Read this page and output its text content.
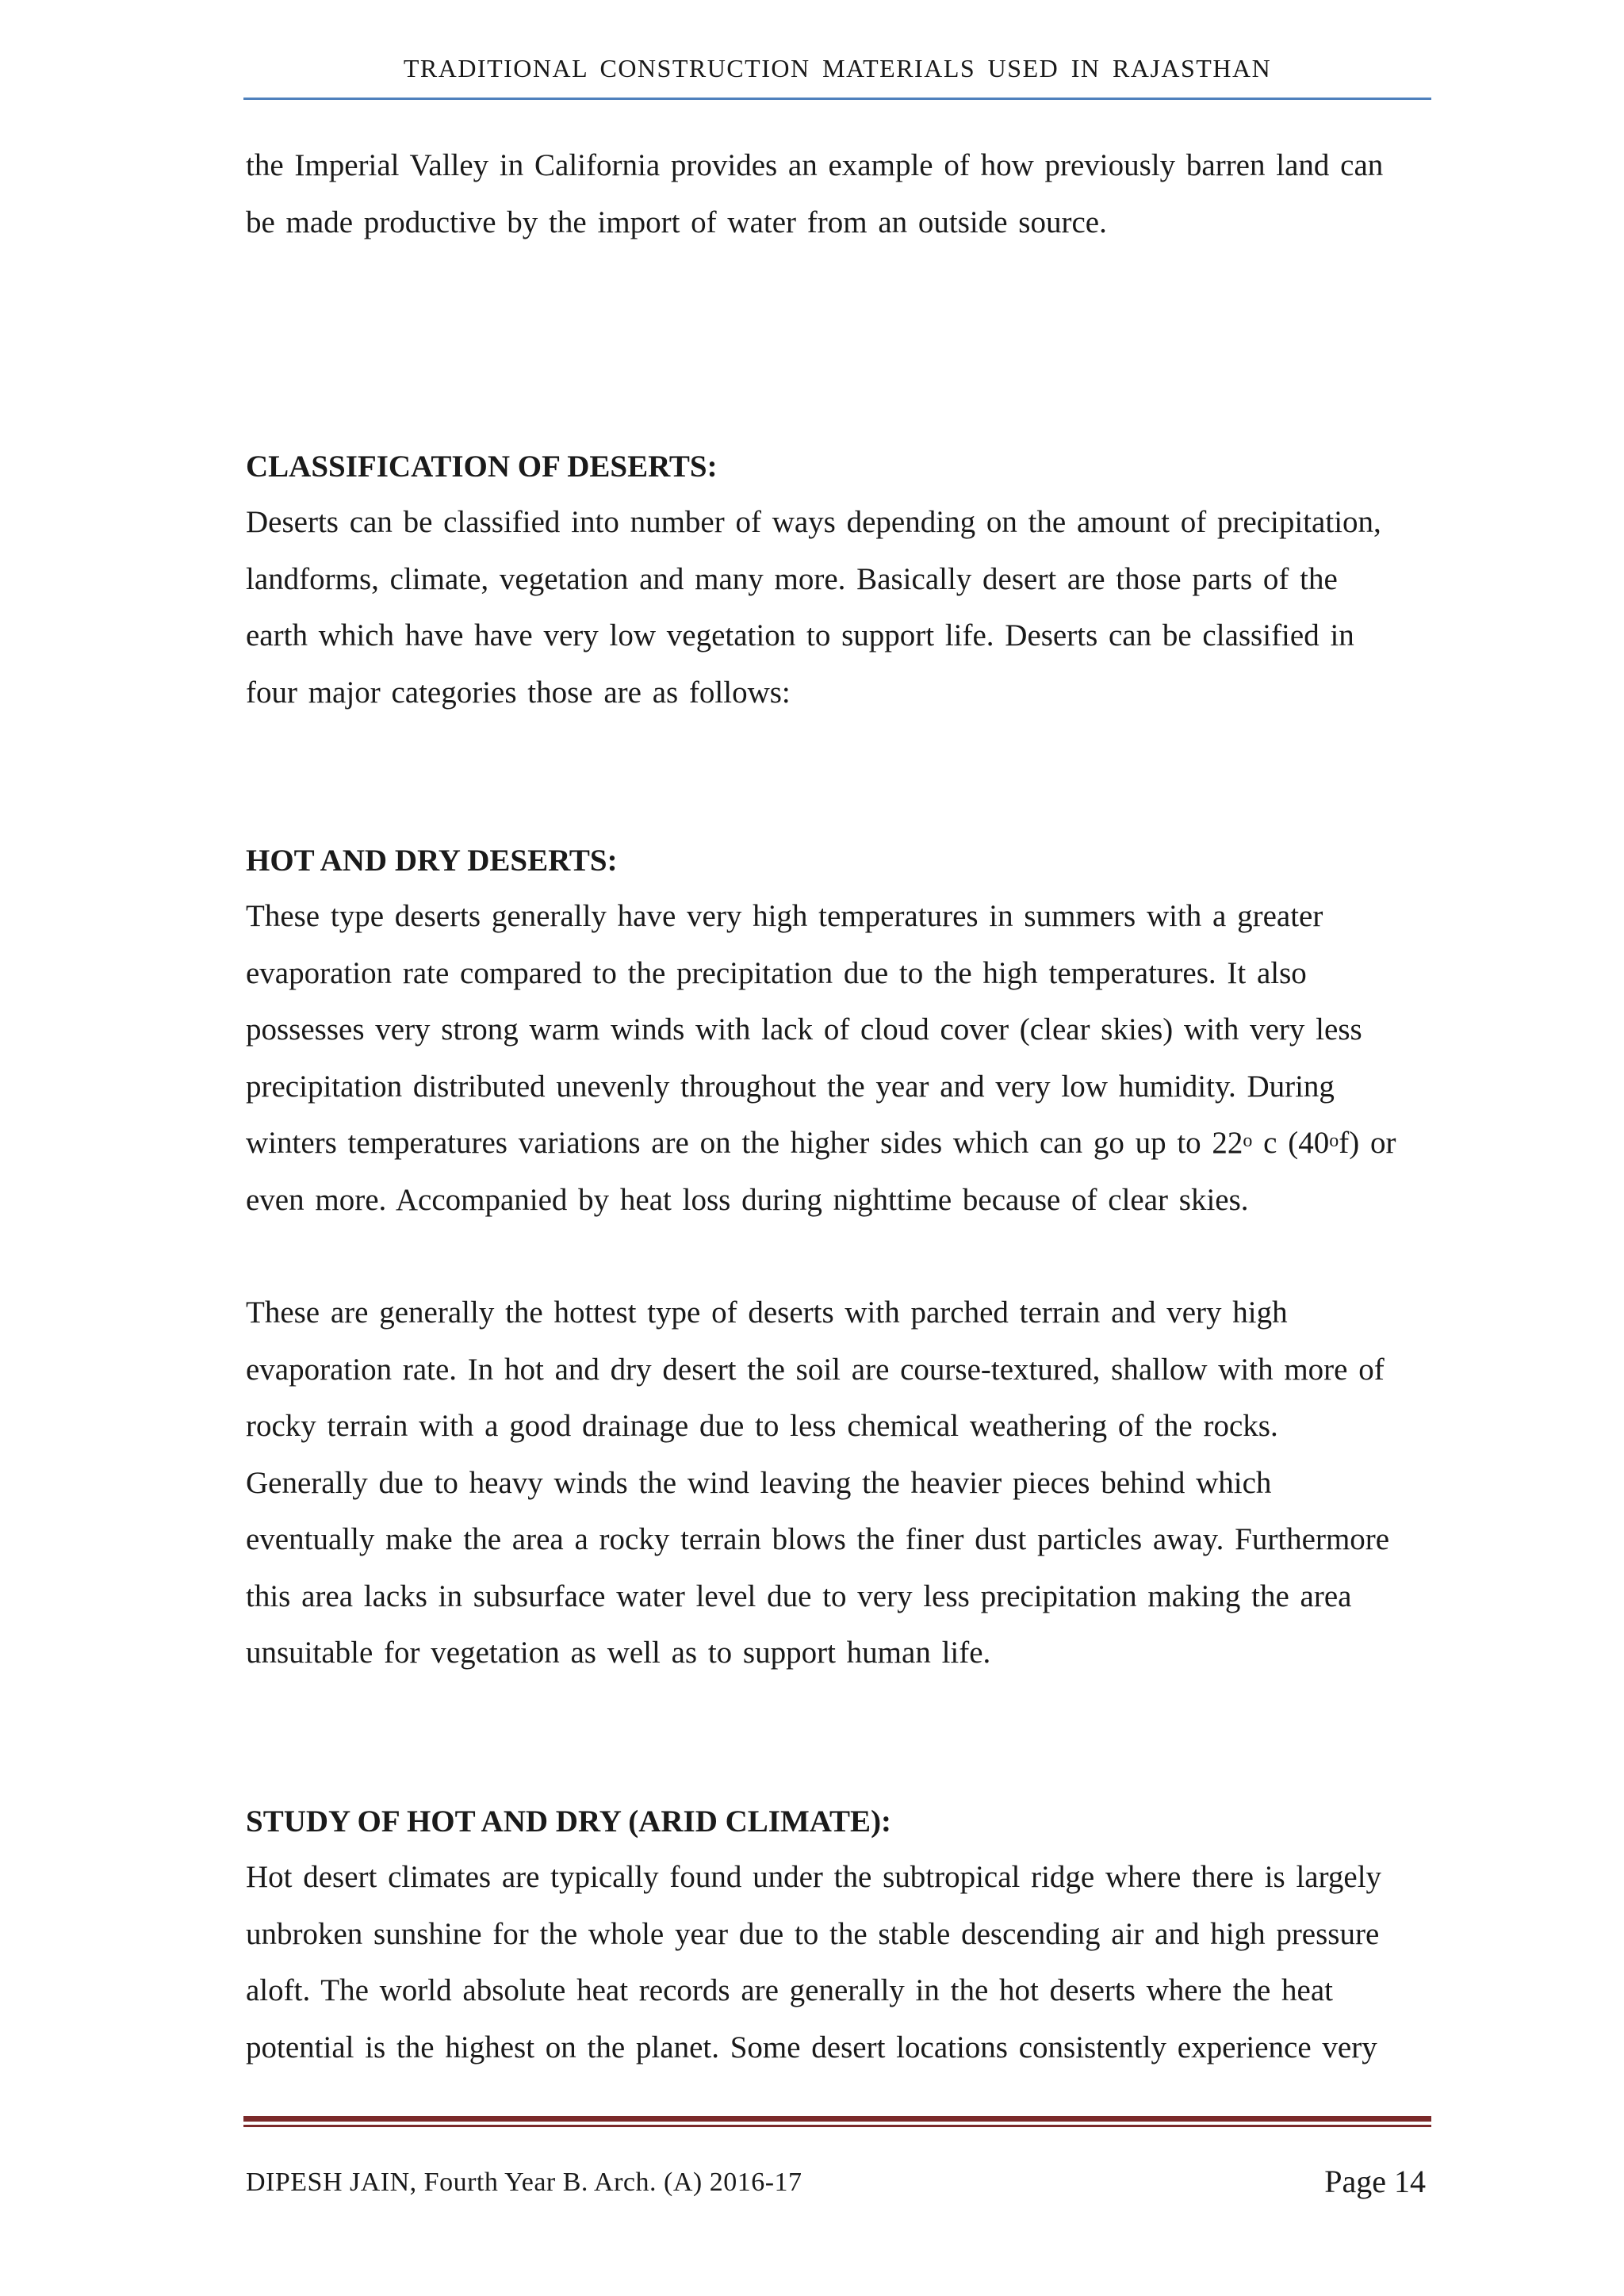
TRADITIONAL CONSTRUCTION MATERIALS USED IN RAJASTHAN
the Imperial Valley in California provides an example of how previously barren land can
be made productive by the import of water from an outside source.
CLASSIFICATION OF DESERTS:
Deserts can be classified into number of ways depending on the amount of precipitation,
landforms, climate, vegetation and many more. Basically desert are those parts of the
earth which have have very low vegetation to support life. Deserts can be classified in
four major categories those are as follows:
HOT AND DRY DESERTS:
These type deserts generally have very high temperatures in summers with a greater
evaporation rate compared to the precipitation due to the high temperatures. It also
possesses very strong warm winds with lack of cloud cover (clear skies) with very less
precipitation distributed unevenly throughout the year and very low humidity. During
winters temperatures variations are on the higher sides which can go up to 22$^o$ c (40$^o$f) or
even more. Accompanied by heat loss during nighttime because of clear skies.
These are generally the hottest type of deserts with parched terrain and very high
evaporation rate. In hot and dry desert the soil are course-textured, shallow with more of
rocky terrain with a good drainage due to less chemical weathering of the rocks.
Generally due to heavy winds the wind leaving the heavier pieces behind which
eventually make the area a rocky terrain blows the finer dust particles away. Furthermore
this area lacks in subsurface water level due to very less precipitation making the area
unsuitable for vegetation as well as to support human life.
STUDY OF HOT AND DRY (ARID CLIMATE):
Hot desert climates are typically found under the subtropical ridge where there is largely
unbroken sunshine for the whole year due to the stable descending air and high pressure
aloft. The world absolute heat records are generally in the hot deserts where the heat
potential is the highest on the planet. Some desert locations consistently experience very
DIPESH JAIN, Fourth Year B. Arch. (A) 2016-17	Page 14
